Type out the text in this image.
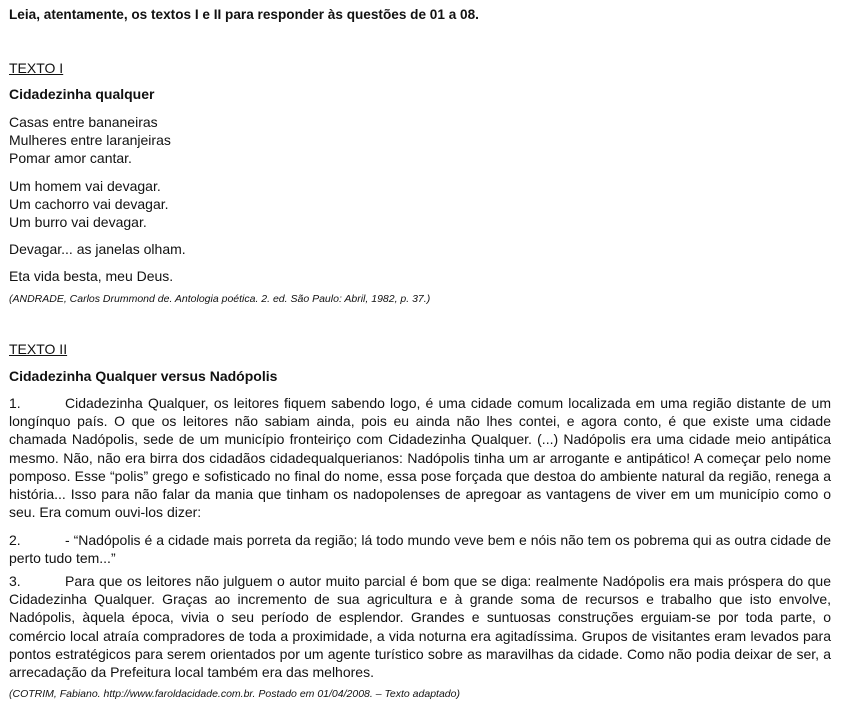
Leia, atentamente, os textos I e II para responder às questões de 01 a 08.
TEXTO I
Cidadezinha qualquer
Casas entre bananeiras
Mulheres entre laranjeiras
Pomar amor cantar.
Um homem vai devagar.
Um cachorro vai devagar.
Um burro vai devagar.
Devagar... as janelas olham.
Eta vida besta, meu Deus.
(ANDRADE, Carlos Drummond de. Antologia poética. 2. ed. São Paulo: Abril, 1982, p. 37.)
TEXTO II
Cidadezinha Qualquer versus Nadópolis

1.	Cidadezinha Qualquer, os leitores fiquem sabendo logo, é uma cidade comum localizada em uma região distante de um longínquo país. O que os leitores não sabiam ainda, pois eu ainda não lhes contei, e agora conto, é que existe uma cidade chamada Nadópolis, sede de um município fronteiriço com Cidadezinha Qualquer. (...) Nadópolis era uma cidade meio antipática mesmo. Não, não era birra dos cidadãos cidadequalquerianos: Nadópolis tinha um ar arrogante e antipático! A começar pelo nome pomposo. Esse “polis” grego e sofisticado no final do nome, essa pose forçada que destoa do ambiente natural da região, renega a história... Isso para não falar da mania que tinham os nadopolenses de apregoar as vantagens de viver em um município como o seu. Era comum ouvi-los dizer:

2.	- “Nadópolis é a cidade mais porreta da região; lá todo mundo veve bem e nóis não tem os pobrema qui as outra cidade de perto tudo tem...”

3.	Para que os leitores não julguem o autor muito parcial é bom que se diga: realmente Nadópolis era mais próspera do que Cidadezinha Qualquer. Graças ao incremento de sua agricultura e à grande soma de recursos e trabalho que isto envolve, Nadópolis, àquela época, vivia o seu período de esplendor. Grandes e suntuosas construções erguiam-se por toda parte, o comércio local atraía compradores de toda a proximidade, a vida noturna era agitadíssima. Grupos de visitantes eram levados para pontos estratégicos para serem orientados por um agente turístico sobre as maravilhas da cidade. Como não podia deixar de ser, a arrecadação da Prefeitura local também era das melhores.

(COTRIM, Fabiano. http://www.faroldacidade.com.br. Postado em 01/04/2008. – Texto adaptado)
